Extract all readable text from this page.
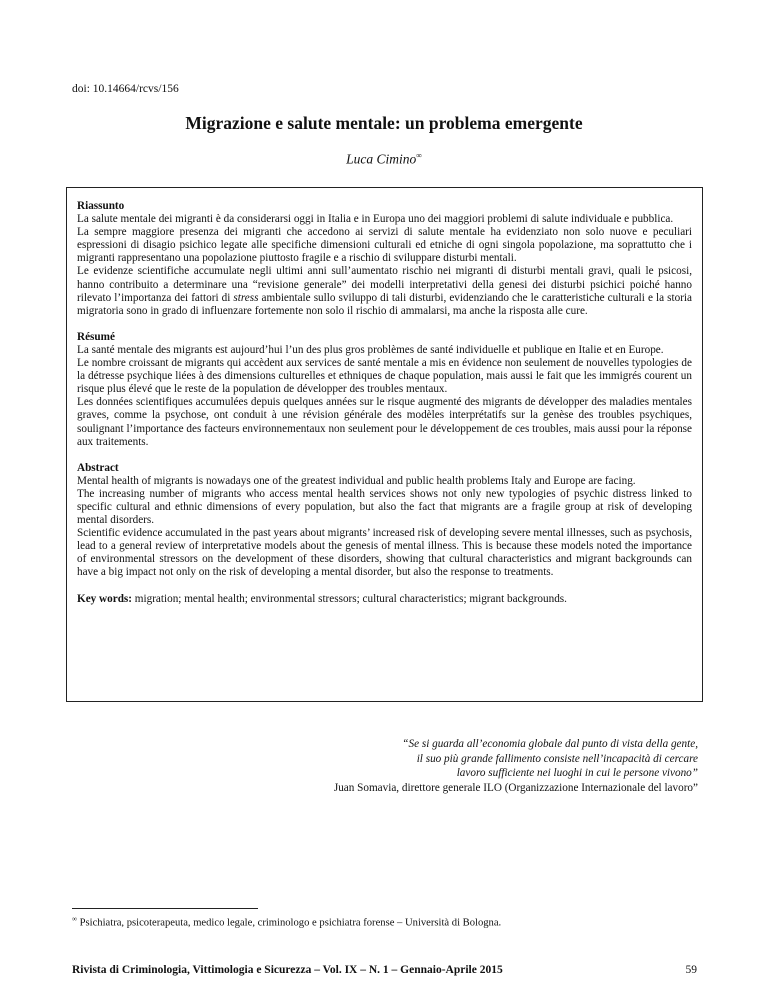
doi: 10.14664/rcvs/156
Migrazione e salute mentale: un problema emergente
Luca Cimino∞
Riassunto

La salute mentale dei migranti è da considerarsi oggi in Italia e in Europa uno dei maggiori problemi di salute individuale e pubblica.

La sempre maggiore presenza dei migranti che accedono ai servizi di salute mentale ha evidenziato non solo nuove e peculiari espressioni di disagio psichico legate alle specifiche dimensioni culturali ed etniche di ogni singola popolazione, ma soprattutto che i migranti rappresentano una popolazione piuttosto fragile e a rischio di sviluppare disturbi mentali.

Le evidenze scientifiche accumulate negli ultimi anni sull’aumentato rischio nei migranti di disturbi mentali gravi, quali le psicosi, hanno contribuito a determinare una “revisione generale” dei modelli interpretativi della genesi dei disturbi psichici poiché hanno rilevato l’importanza dei fattori di stress ambientale sullo sviluppo di tali disturbi, evidenziando che le caratteristiche culturali e la storia migratoria sono in grado di influenzare fortemente non solo il rischio di ammalarsi, ma anche la risposta alle cure.

Résumé

La santé mentale des migrants est aujourd’hui l’un des plus gros problèmes de santé individuelle et publique en Italie et en Europe.

Le nombre croissant de migrants qui accèdent aux services de santé mentale a mis en évidence non seulement de nouvelles typologies de la détresse psychique liées à des dimensions culturelles et ethniques de chaque population, mais aussi le fait que les immigrés courent un risque plus élevé que le reste de la population de développer des troubles mentaux.

Les données scientifiques accumulées depuis quelques années sur le risque augmenté des migrants de développer des maladies mentales graves, comme la psychose, ont conduit à une révision générale des modèles interprétatifs sur la genèse des troubles psychiques, soulignant l’importance des facteurs environnementaux non seulement pour le développement de ces troubles, mais aussi pour la réponse aux traitements.

Abstract

Mental health of migrants is nowadays one of the greatest individual and public health problems Italy and Europe are facing.

The increasing number of migrants who access mental health services shows not only new typologies of psychic distress linked to specific cultural and ethnic dimensions of every population, but also the fact that migrants are a fragile group at risk of developing mental disorders.

Scientific evidence accumulated in the past years about migrants’ increased risk of developing severe mental illnesses, such as psychosis, lead to a general review of interpretative models about the genesis of mental illness. This is because these models noted the importance of environmental stressors on the development of these disorders, showing that cultural characteristics and migrant backgrounds can have a big impact not only on the risk of developing a mental disorder, but also the response to treatments.

Key words: migration; mental health; environmental stressors; cultural characteristics; migrant backgrounds.

“Se si guarda all’economia globale dal punto di vista della gente,
il suo più grande fallimento consiste nell’incapacità di cercare
lavoro sufficiente nei luoghi in cui le persone vivono”
Juan Somavia, direttore generale ILO (Organizzazione Internazionale del lavoro”
∞ Psichiatra, psicoterapeuta, medico legale, criminologo e psichiatra forense – Università di Bologna.
Rivista di Criminologia, Vittimologia e Sicurezza – Vol. IX – N. 1 – Gennaio-Aprile 2015	59
